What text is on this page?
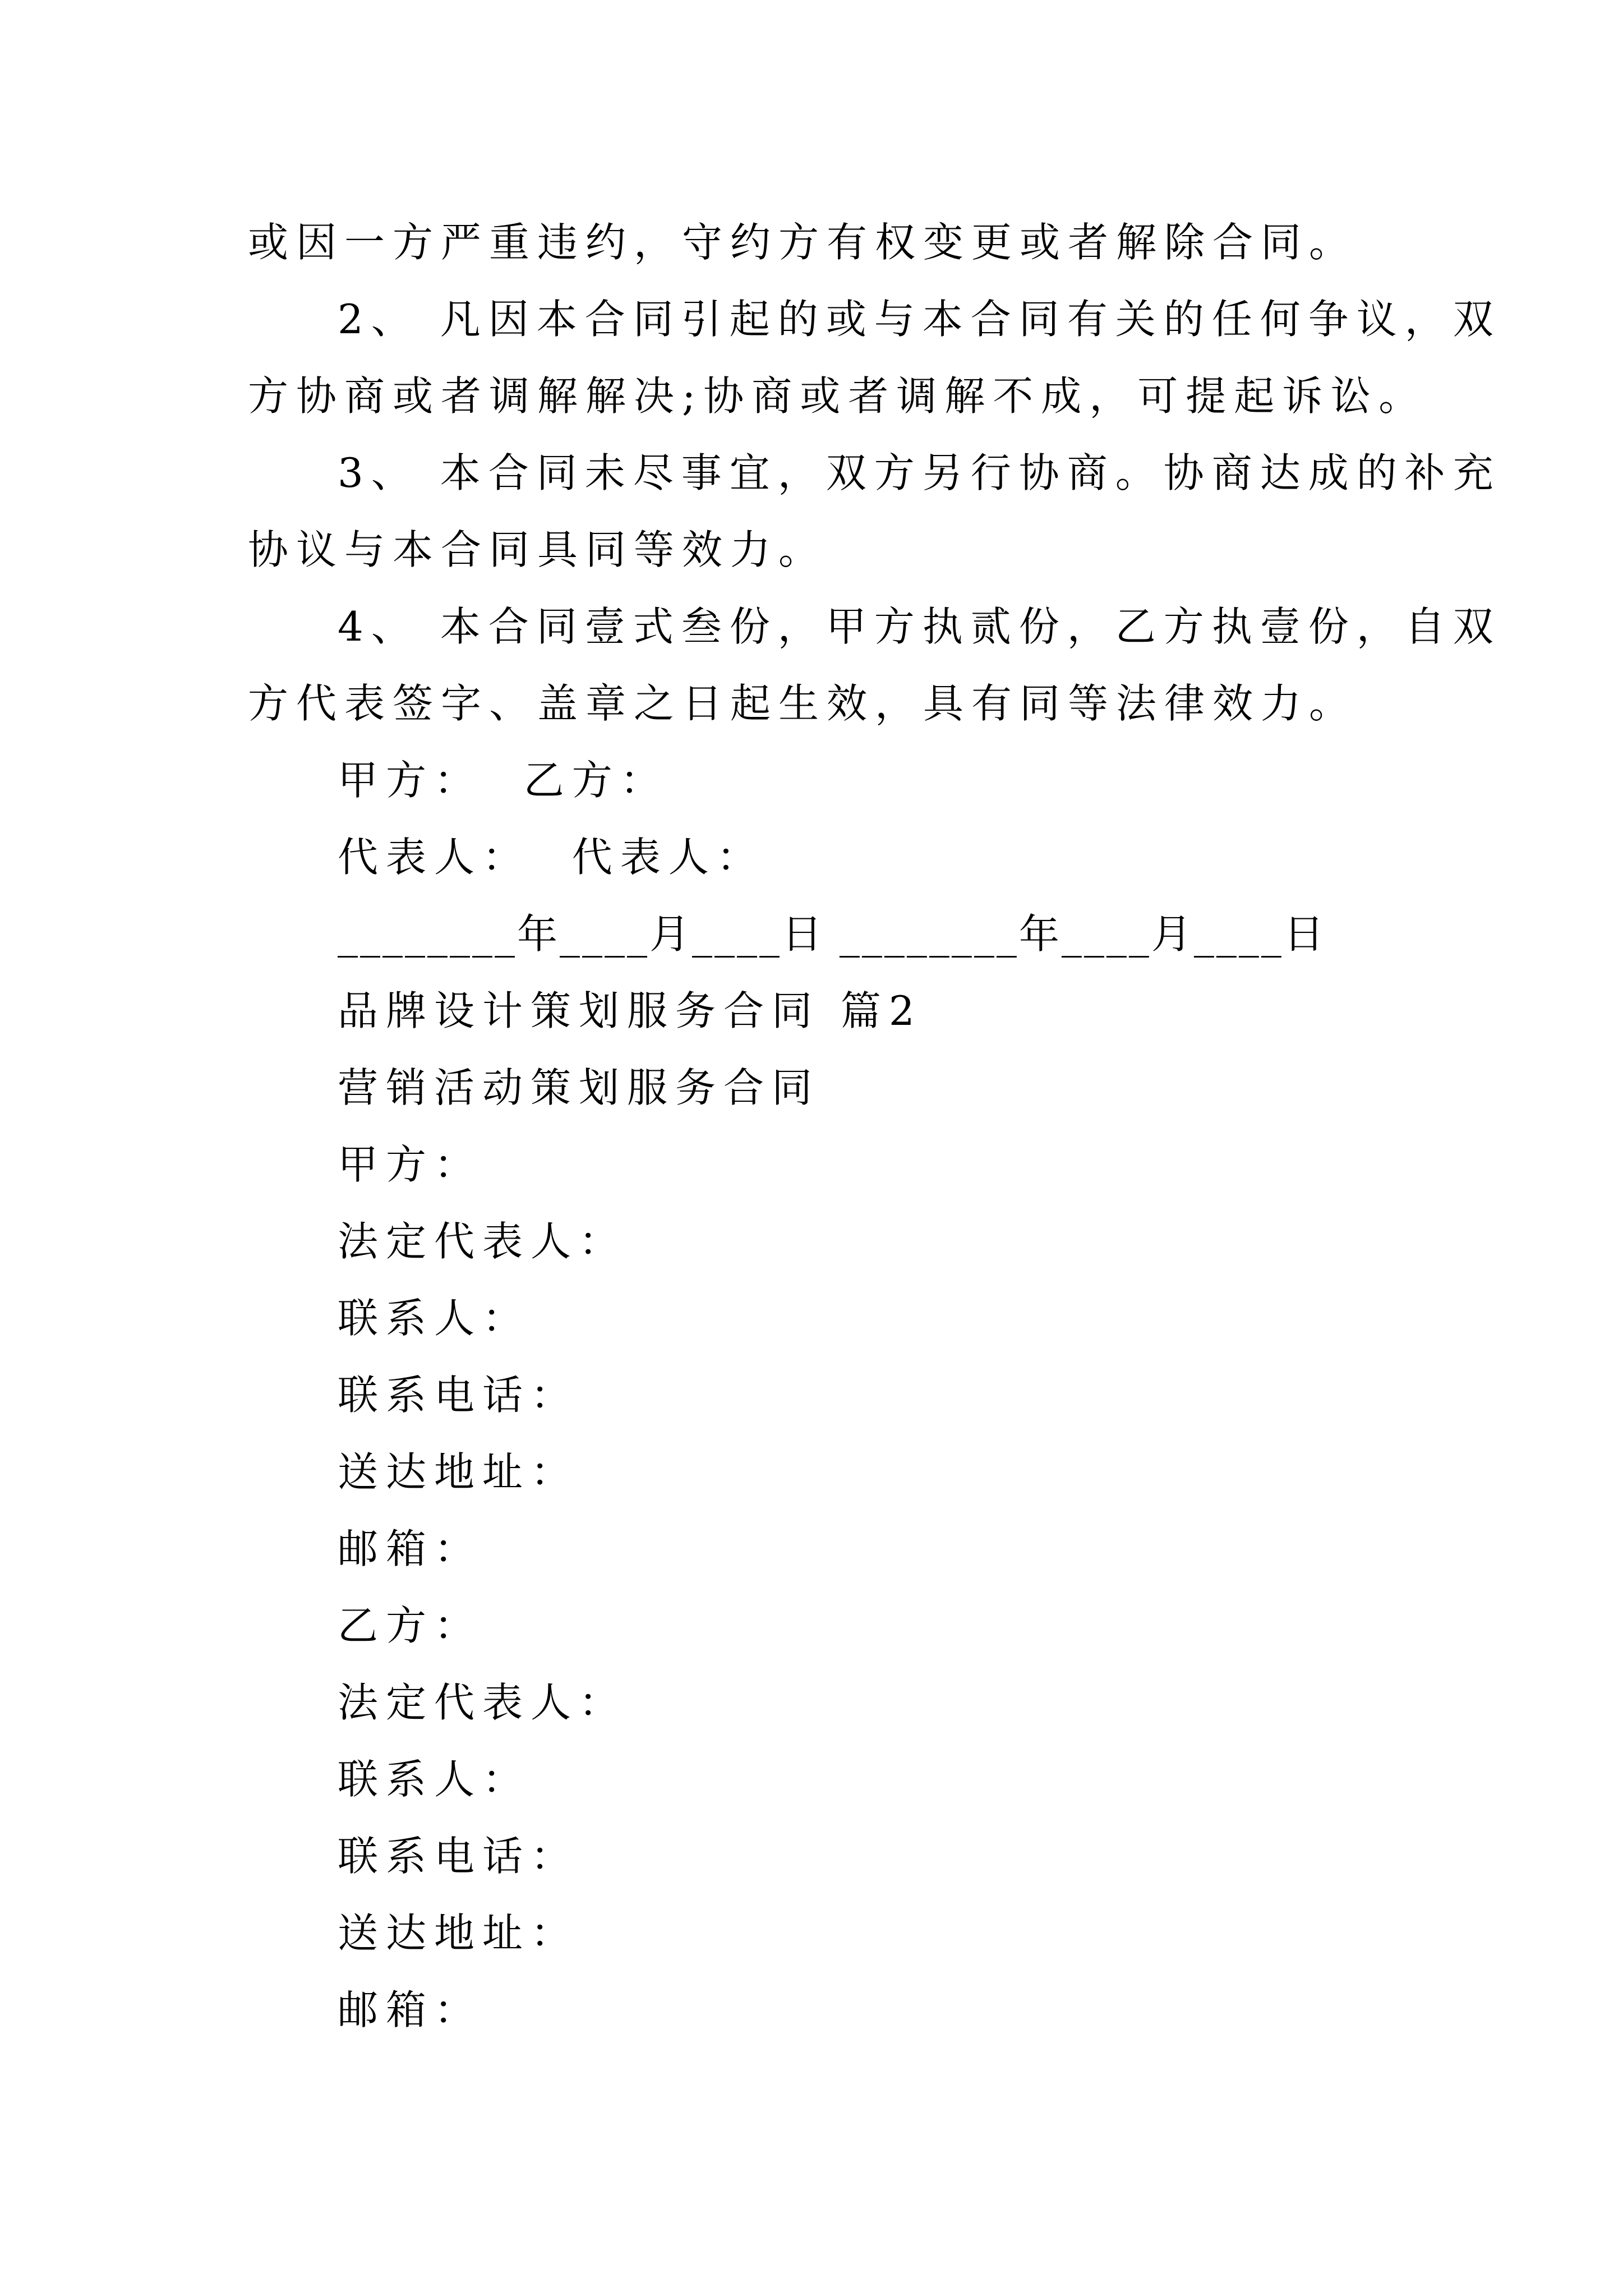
或因一方严重违约，守约方有权变更或者解除合同。
2、 凡因本合同引起的或与本合同有关的任何争议，双
方协商或者调解解决;协商或者调解不成，可提起诉讼。
3、 本合同未尽事宜，双方另行协商。协商达成的补充
协议与本合同具同等效力。
4、 本合同壹式叁份，甲方执贰份，乙方执壹份，自双
方代表签字、盖章之日起生效，具有同等法律效力。
甲方：  乙方：
代表人：  代表人：
________年____月____日 ________年____月____日
品牌设计策划服务合同 篇2
营销活动策划服务合同
甲方：
法定代表人：
联系人：
联系电话：
送达地址：
邮箱：
乙方：
法定代表人：
联系人：
联系电话：
送达地址：
邮箱：
